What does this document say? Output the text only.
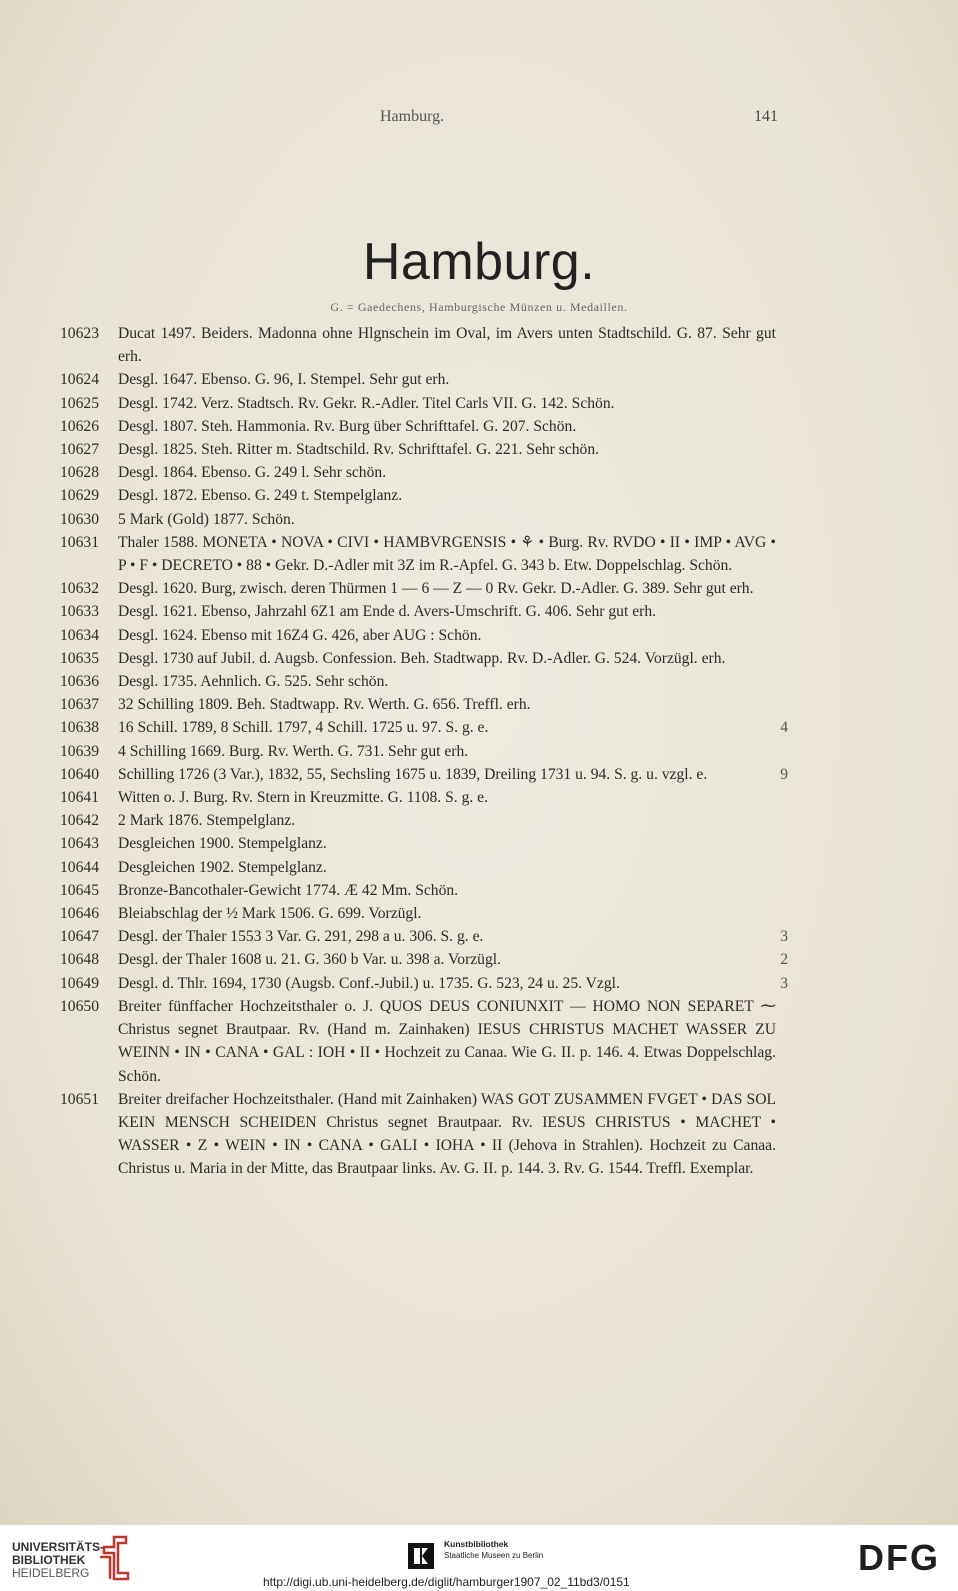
Hamburg.	141
Hamburg.
G. = Gaedechens, Hamburgische Münzen u. Medaillen.
10623	Ducat 1497. Beiders. Madonna ohne Hlgnschein im Oval, im Avers unten Stadtschild. G. 87. Sehr gut erh.
10624	Desgl. 1647. Ebenso. G. 96, I. Stempel. Sehr gut erh.
10625	Desgl. 1742. Verz. Stadtsch. Rv. Gekr. R.-Adler. Titel Carls VII. G. 142. Schön.
10626	Desgl. 1807. Steh. Hammonia. Rv. Burg über Schrifttafel. G. 207. Schön.
10627	Desgl. 1825. Steh. Ritter m. Stadtschild. Rv. Schrifttafel. G. 221. Sehr schön.
10628	Desgl. 1864. Ebenso. G. 249 l. Sehr schön.
10629	Desgl. 1872. Ebenso. G. 249 t. Stempelglanz.
10630	5 Mark (Gold) 1877. Schön.
10631	Thaler 1588. MONETA • NOVA • CIVI • HAMBVRGENSIS • ⚘ • Burg. Rv. RVDO • II • IMP • AVG • P • F • DECRETO • 88 • Gekr. D.-Adler mit 3Z im R.-Apfel. G. 343 b. Etw. Doppelschlag. Schön.
10632	Desgl. 1620. Burg, zwisch. deren Thürmen 1 — 6 — Z — 0 Rv. Gekr. D.-Adler. G. 389. Sehr gut erh.
10633	Desgl. 1621. Ebenso, Jahrzahl 6Z1 am Ende d. Avers-Umschrift. G. 406. Sehr gut erh.
10634	Desgl. 1624. Ebenso mit 16Z4 G. 426, aber AUG : Schön.
10635	Desgl. 1730 auf Jubil. d. Augsb. Confession. Beh. Stadtwapp. Rv. D.-Adler. G. 524. Vorzügl. erh.
10636	Desgl. 1735. Aehnlich. G. 525. Sehr schön.
10637	32 Schilling 1809. Beh. Stadtwapp. Rv. Werth. G. 656. Treffl. erh.
10638	16 Schill. 1789, 8 Schill. 1797, 4 Schill. 1725 u. 97. S. g. e.	4
10639	4 Schilling 1669. Burg. Rv. Werth. G. 731. Sehr gut erh.
10640	Schilling 1726 (3 Var.), 1832, 55, Sechsling 1675 u. 1839, Dreiling 1731 u. 94. S. g. u. vzgl. e.	9
10641	Witten o. J. Burg. Rv. Stern in Kreuzmitte. G. 1108. S. g. e.
10642	2 Mark 1876. Stempelglanz.
10643	Desgleichen 1900. Stempelglanz.
10644	Desgleichen 1902. Stempelglanz.
10645	Bronze-Bancothaler-Gewicht 1774. Æ 42 Mm. Schön.
10646	Bleiabschlag der ½ Mark 1506. G. 699. Vorzügl.
10647	Desgl. der Thaler 1553 3 Var. G. 291, 298 a u. 306. S. g. e.	3
10648	Desgl. der Thaler 1608 u. 21. G. 360 b Var. u. 398 a. Vorzügl.	2
10649	Desgl. d. Thlr. 1694, 1730 (Augsb. Conf.-Jubil.) u. 1735. G. 523, 24 u. 25. Vzgl.	3
10650	Breiter fünffacher Hochzeitsthaler o. J. QUOS DEUS CONIUNXIT — HOMO NON SEPARET ⁓ Christus segnet Brautpaar. Rv. (Hand m. Zainhaken) IESUS CHRISTUS MACHET WASSER ZU WEINN • IN • CANA • GAL : IOH • II • Hochzeit zu Canaa. Wie G. II. p. 146. 4. Etwas Doppelschlag. Schön.
10651	Breiter dreifacher Hochzeitsthaler. (Hand mit Zainhaken) WAS GOT ZUSAMMEN FVGET • DAS SOL KEIN MENSCH SCHEIDEN Christus segnet Brautpaar. Rv. IESUS CHRISTUS • MACHET • WASSER • Z • WEIN • IN • CANA • GALI • IOHA • II (Jehova in Strahlen). Hochzeit zu Canaa. Christus u. Maria in der Mitte, das Brautpaar links. Av. G. II. p. 144. 3. Rv. G. 1544. Treffl. Exemplar.
UNIVERSITÄTS-
BIBLIOTHEK
HEIDELBERG
Kunstbibliothek
Staatliche Museen zu Berlin	DFG
http://digi.ub.uni-heidelberg.de/diglit/hamburger1907_02_11bd3/0151
